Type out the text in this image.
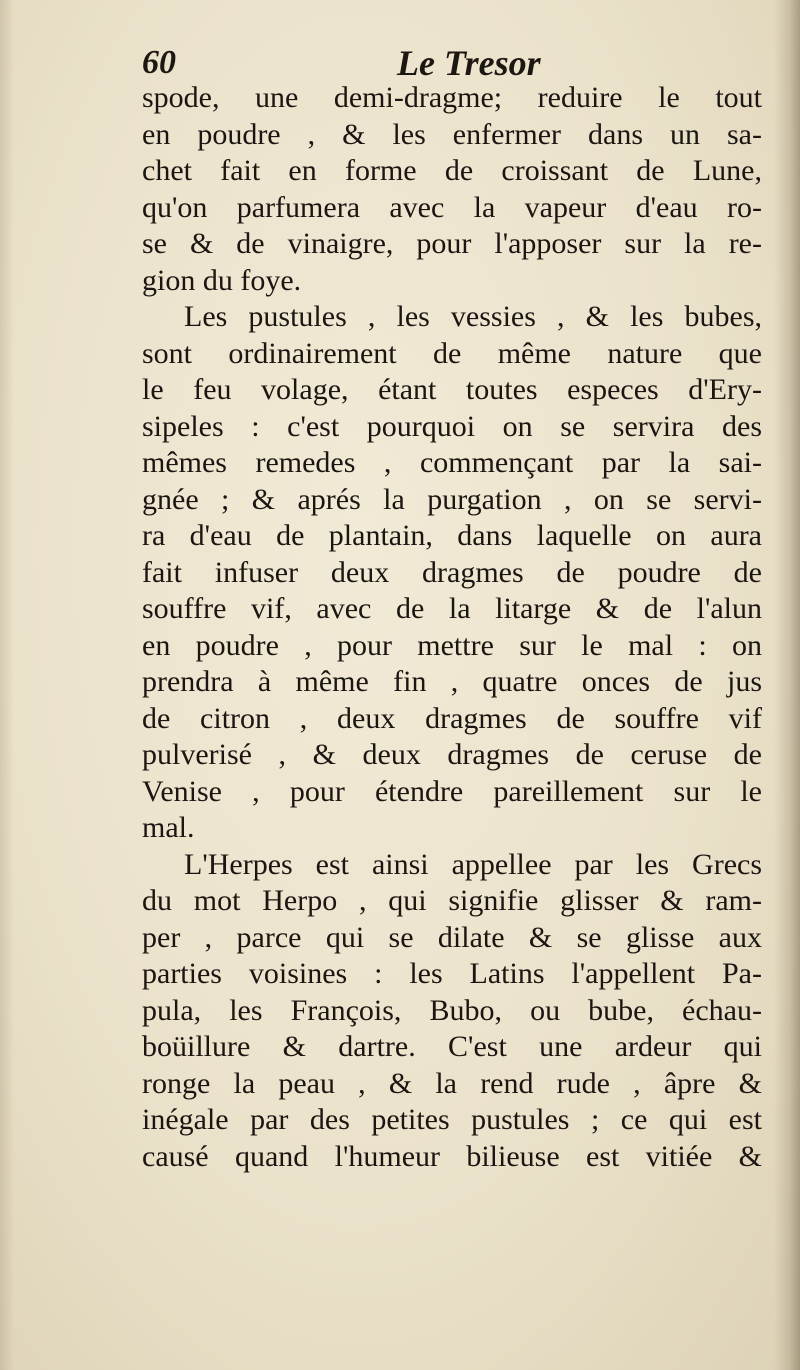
60	Le Tresor
spode, une demi-dragme; reduire le tout
en poudre , & les enfermer dans un sa-
chet fait en forme de croissant de Lune,
qu'on parfumera avec la vapeur d'eau ro-
se & de vinaigre, pour l'apposer sur la re-
gion du foye.
Les pustules , les vessies , & les bubes,
sont ordinairement de même nature que
le feu volage, étant toutes especes d'Ery-
sipeles : c'est pourquoi on se servira des
mêmes remedes , commençant par la sai-
gnée ; & aprés la purgation , on se servi-
ra d'eau de plantain, dans laquelle on aura
fait infuser deux dragmes de poudre de
souffre vif, avec de la litarge & de l'alun
en poudre , pour mettre sur le mal : on
prendra à même fin , quatre onces de jus
de citron , deux dragmes de souffre vif
pulverisé , & deux dragmes de ceruse de
Venise , pour étendre pareillement sur le
mal.
L'Herpes est ainsi appellee par les Grecs
du mot Herpo , qui signifie glisser & ram-
per , parce qui se dilate & se glisse aux
parties voisines : les Latins l'appellent Pa-
pula, les François, Bubo, ou bube, échau-
boüillure & dartre. C'est une ardeur qui
ronge la peau , & la rend rude , âpre &
inégale par des petites pustules ; ce qui est
causé quand l'humeur bilieuse est vitiée &
